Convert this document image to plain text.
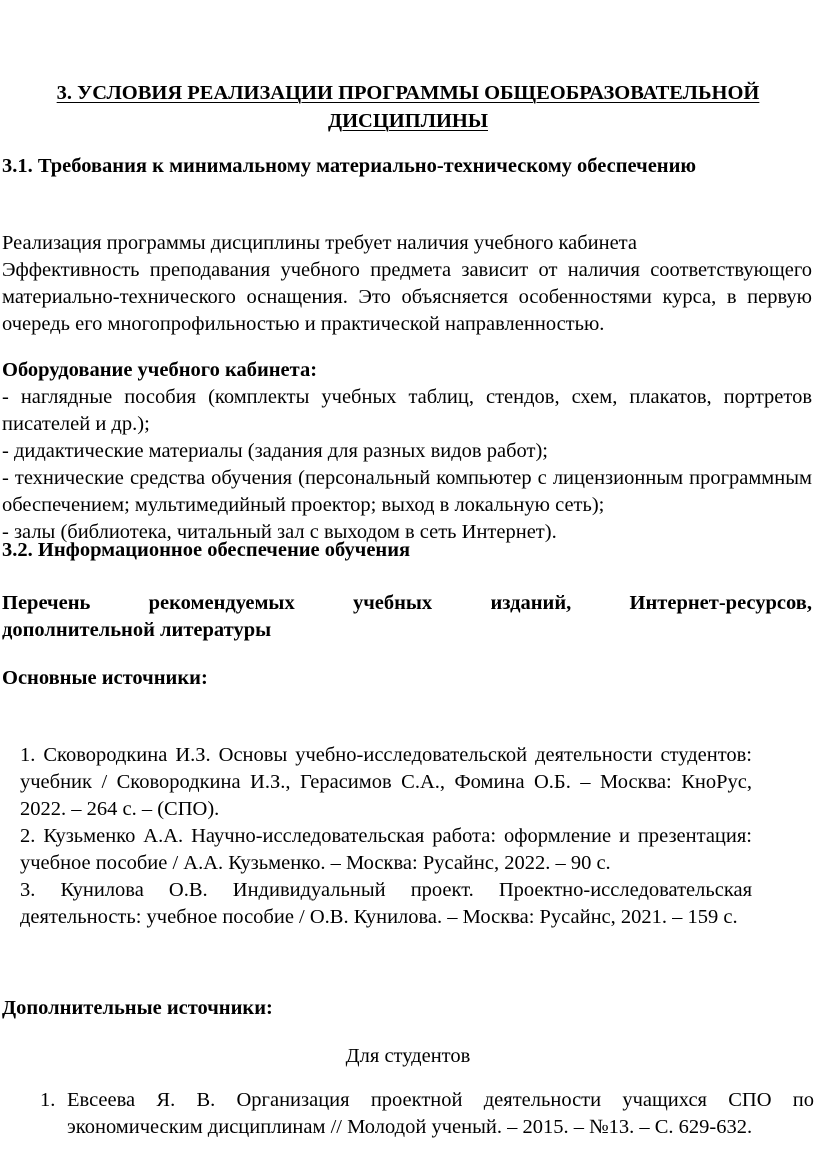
3. УСЛОВИЯ РЕАЛИЗАЦИИ ПРОГРАММЫ ОБЩЕОБРАЗОВАТЕЛЬНОЙ
ДИСЦИПЛИНЫ
3.1. Требования к минимальному материально-техническому обеспечению
Реализация программы дисциплины требует наличия учебного кабинета
Эффективность преподавания учебного предмета зависит от наличия соответствующего материально-технического оснащения. Это объясняется особенностями курса, в первую очередь его многопрофильностью и практической направленностью.
Оборудование учебного кабинета:
- наглядные пособия (комплекты учебных таблиц, стендов, схем, плакатов, портретов писателей и др.);
- дидактические материалы (задания для разных видов работ);
- технические средства обучения (персональный компьютер с лицензионным программным обеспечением; мультимедийный проектор; выход в локальную сеть);
- залы (библиотека, читальный зал с выходом в сеть Интернет).
3.2. Информационное обеспечение обучения
Перечень	рекомендуемых	учебных	изданий,	Интернет-ресурсов,
дополнительной литературы
Основные источники:
1. Сковородкина И.З. Основы учебно-исследовательской деятельности студентов: учебник / Сковородкина И.З., Герасимов С.А., Фомина О.Б. – Москва: КноРус, 2022. – 264 с. – (СПО).
2. Кузьменко А.А. Научно-исследовательская работа: оформление и презентация: учебное пособие / А.А. Кузьменко. – Москва: Русайнс, 2022. – 90 с.
3. Кунилова О.В. Индивидуальный проект. Проектно-исследовательская деятельность: учебное пособие / О.В. Кунилова. – Москва: Русайнс, 2021. – 159 с.
Дополнительные источники:
Для студентов
1. Евсеева Я. В. Организация проектной деятельности учащихся СПО по экономическим дисциплинам // Молодой ученый. – 2015. – №13. – С. 629-632.
